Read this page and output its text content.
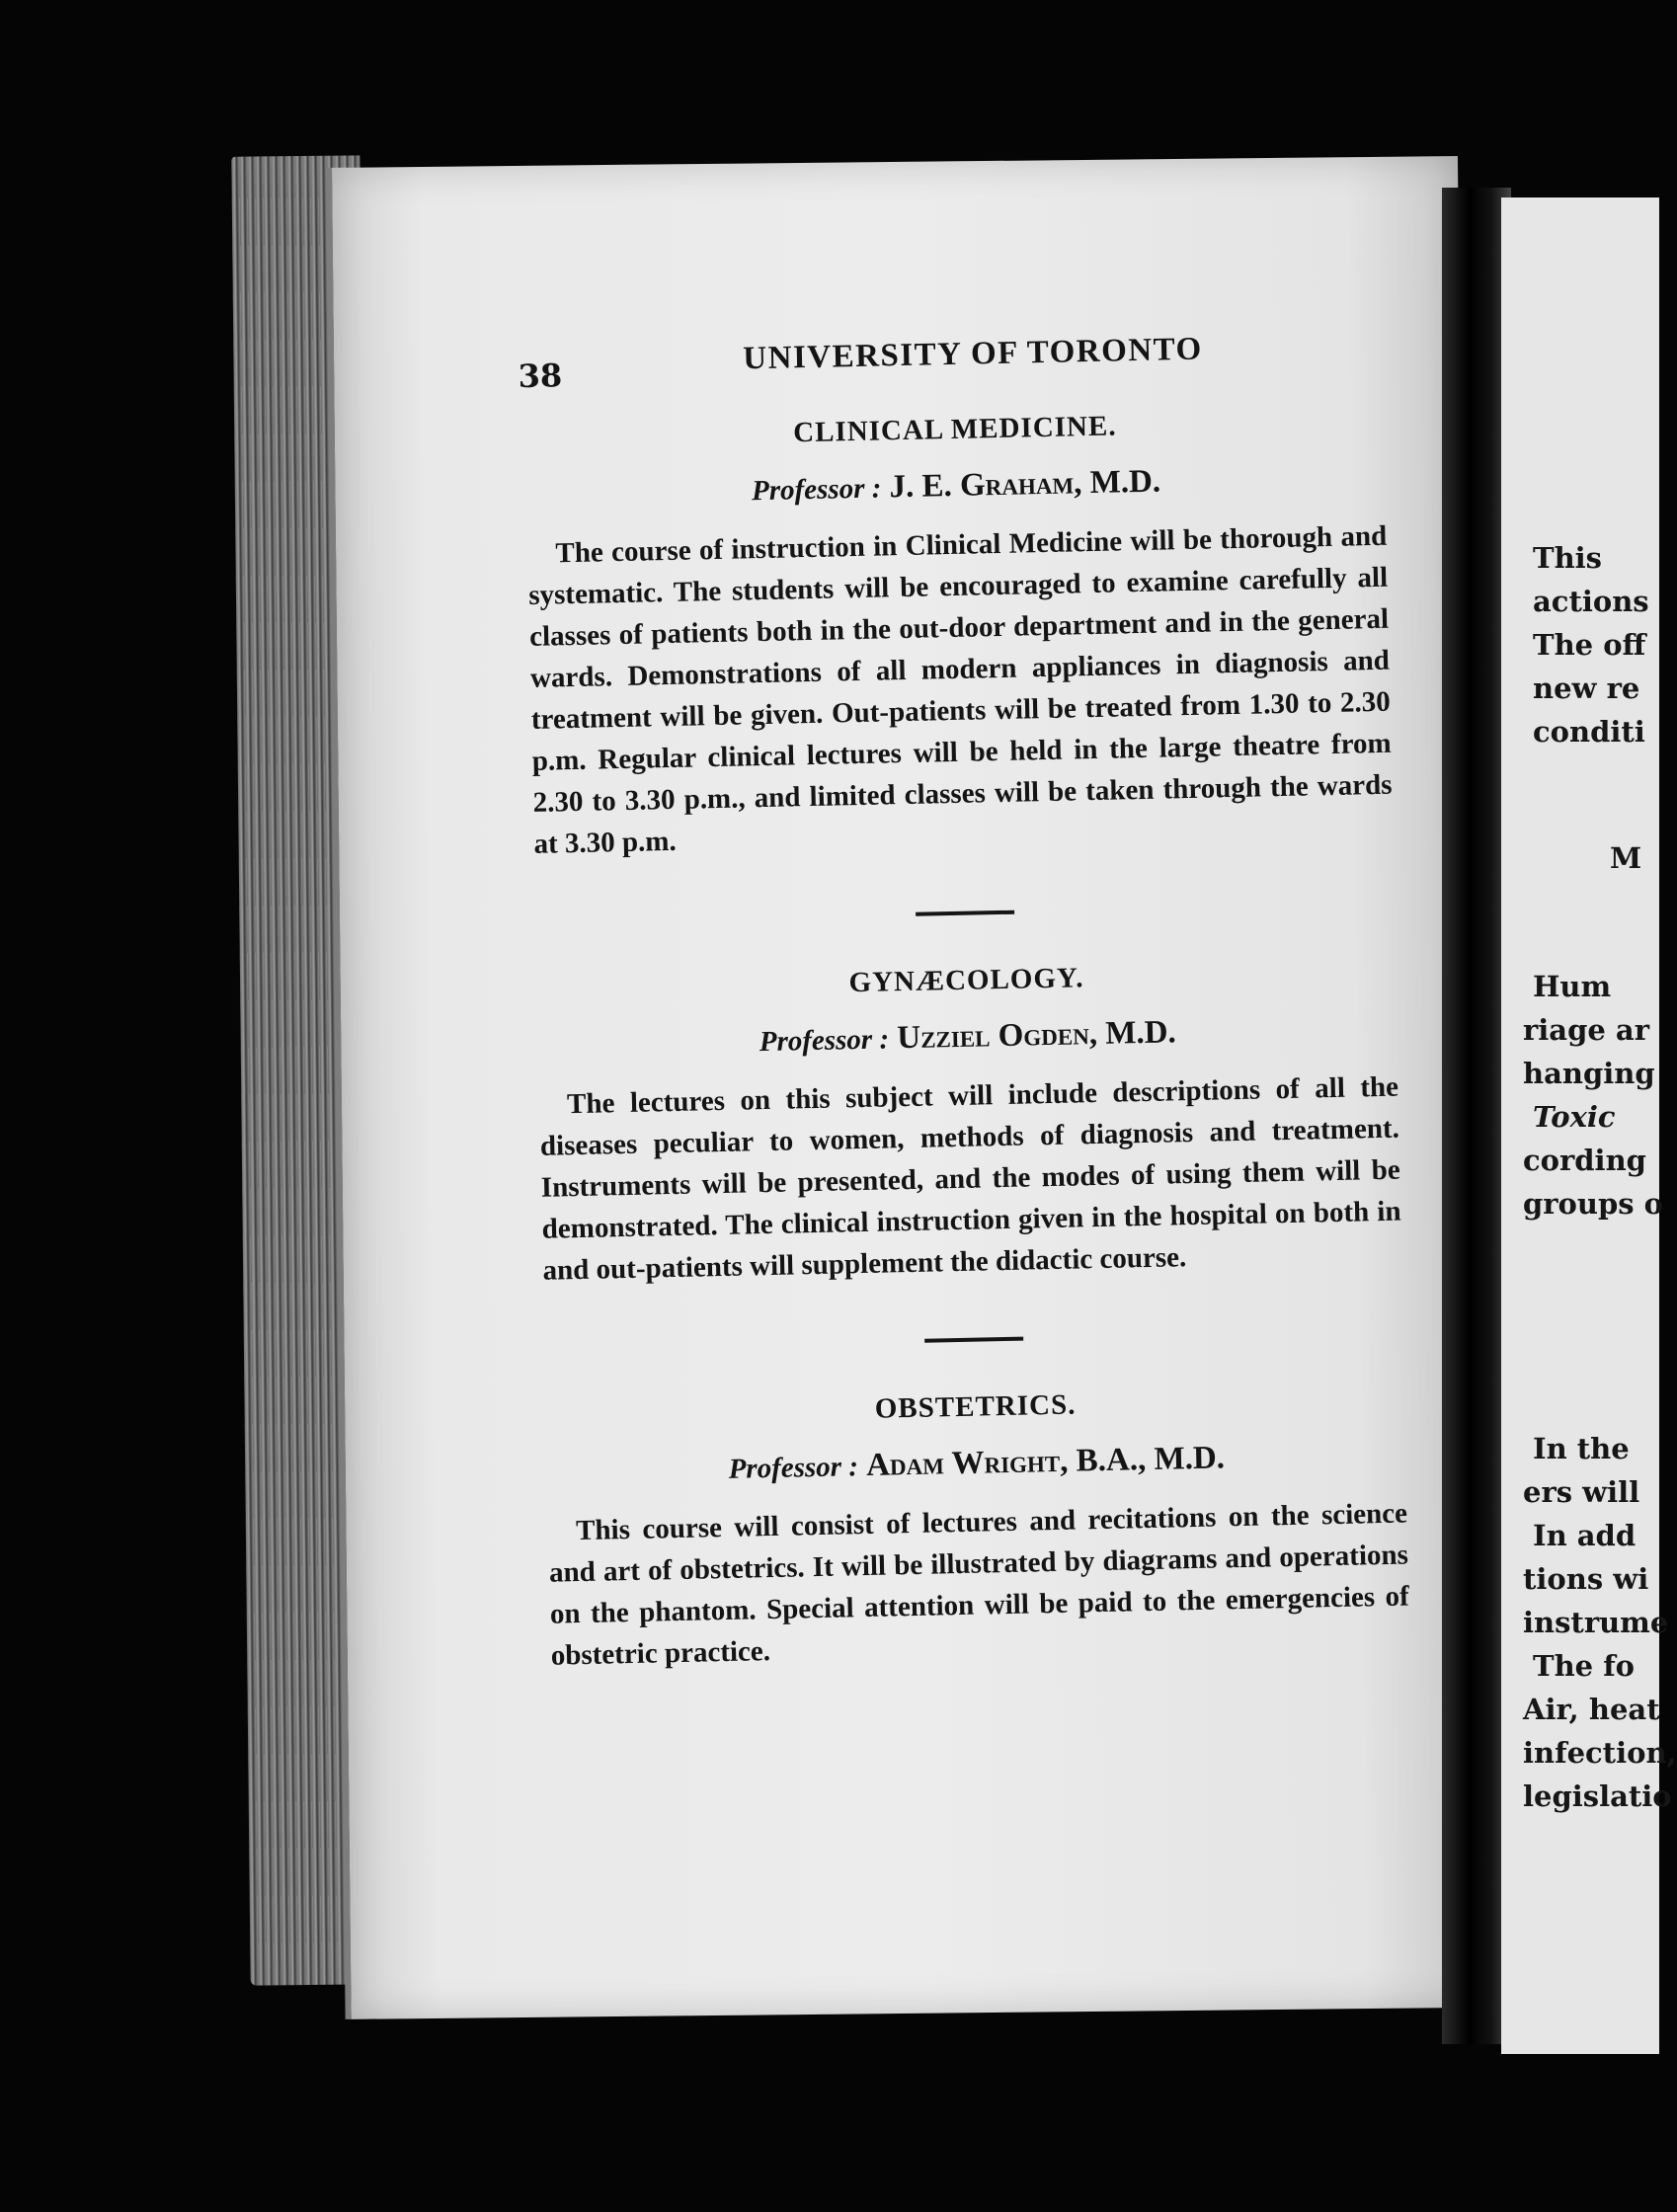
This
actions
The off
new re
conditi
M
Hum
riage ar
hanging
Toxic
cording
groups o
In the
ers will
In add
tions wi
instrume
The fo
Air, heat
infection,
legislatio
38	UNIVERSITY OF TORONTO
CLINICAL MEDICINE.

Professor : J. E. Graham, M.D.

The course of instruction in Clinical Medicine will be thorough and systematic. The students will be encouraged to examine carefully all classes of patients both in the out-door department and in the general wards. Demonstrations of all modern appliances in diagnosis and treatment will be given. Out-patients will be treated from 1.30 to 2.30 p.m. Regular clinical lectures will be held in the large theatre from 2.30 to 3.30 p.m., and limited classes will be taken through the wards at 3.30 p.m.

GYNÆCOLOGY.

Professor : Uzziel Ogden, M.D.

The lectures on this subject will include descriptions of all the diseases peculiar to women, methods of diagnosis and treatment. Instruments will be presented, and the modes of using them will be demonstrated. The clinical instruction given in the hospital on both in and out-patients will supplement the didactic course.

OBSTETRICS.

Professor : Adam Wright, B.A., M.D.

This course will consist of lectures and recitations on the science and art of obstetrics. It will be illustrated by diagrams and operations on the phantom. Special attention will be paid to the emergencies of obstetric practice.
